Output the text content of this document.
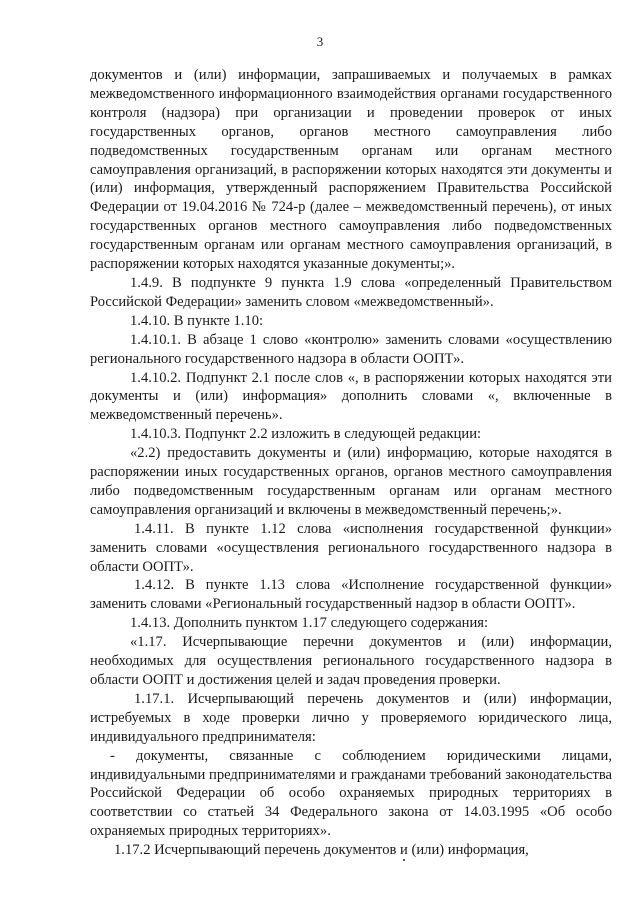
3

документов и (или) информации, запрашиваемых и получаемых в рамках межведомственного информационного взаимодействия органами государственного контроля (надзора) при организации и проведении проверок от иных государственных органов, органов местного самоуправления либо подведомственных государственным органам или органам местного самоуправления организаций, в распоряжении которых находятся эти документы и (или) информация, утвержденный распоряжением Правительства Российской Федерации от 19.04.2016 № 724-р (далее – межведомственный перечень), от иных государственных органов местного самоуправления либо подведомственных государственным органам или органам местного самоуправления организаций, в распоряжении которых находятся указанные документы;».

1.4.9. В подпункте 9 пункта 1.9 слова «определенный Правительством Российской Федерации» заменить словом «межведомственный».

1.4.10. В пункте 1.10:

1.4.10.1. В абзаце 1 слово «контролю» заменить словами «осуществлению регионального государственного надзора в области ООПТ».

1.4.10.2. Подпункт 2.1 после слов «, в распоряжении которых находятся эти документы и (или) информация» дополнить словами «, включенные в межведомственный перечень».

1.4.10.3. Подпункт 2.2 изложить в следующей редакции:

«2.2) предоставить документы и (или) информацию, которые находятся в распоряжении иных государственных органов, органов местного самоуправления либо подведомственным государственным органам или органам местного самоуправления организаций и включены в межведомственный перечень;».

1.4.11. В пункте 1.12 слова «исполнения государственной функции» заменить словами «осуществления регионального государственного надзора в области ООПТ».

1.4.12. В пункте 1.13 слова «Исполнение государственной функции» заменить словами «Региональный государственный надзор в области ООПТ».

1.4.13. Дополнить пунктом 1.17 следующего содержания:

«1.17. Исчерпывающие перечни документов и (или) информации, необходимых для осуществления регионального государственного надзора в области ООПТ и достижения целей и задач проведения проверки.

1.17.1. Исчерпывающий перечень документов и (или) информации, истребуемых в ходе проверки лично у проверяемого юридического лица, индивидуального предпринимателя:

- документы, связанные с соблюдением юридическими лицами, индивидуальными предпринимателями и гражданами требований законодательства Российской Федерации об особо охраняемых природных территориях в соответствии со статьей 34 Федерального закона от 14.03.1995 «Об особо охраняемых природных территориях».

1.17.2 Исчерпывающий перечень документов и (или) информация,
